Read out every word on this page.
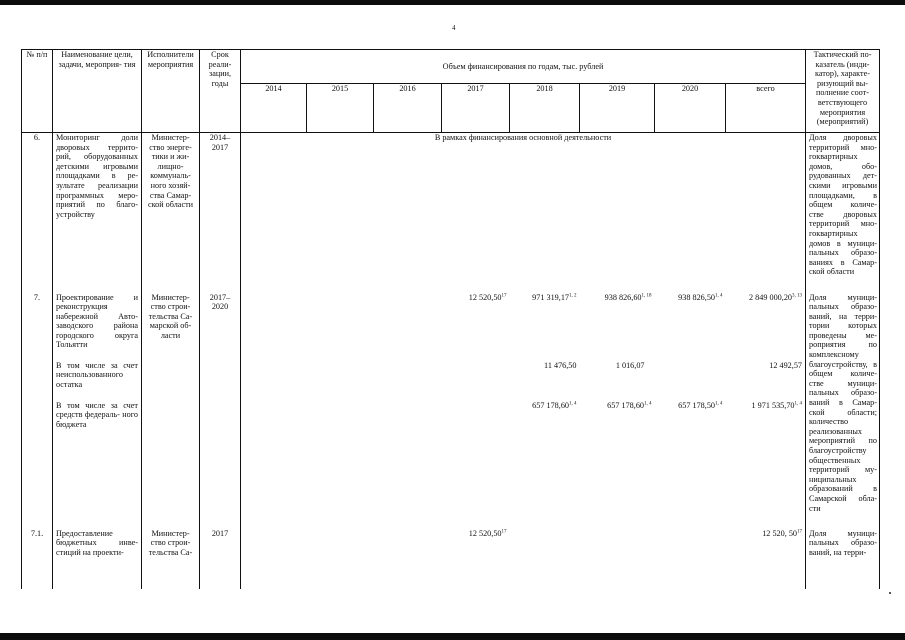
4
№ п/п	Наименование цели, задачи, мероприя- тия	Исполнители мероприятия	Срок реали- зации, годы	Объем финансирования по годам, тыс. рублей								Тактический по- казатель (инди- катор), характе- ризующий вы- полнение соот- ветствующего мероприятия (мероприятий)
				2014	2015	2016	2017	2018	2019	2020	всего	
6.	Мониторинг доли дворовых террито- рий, оборудованных детскими игровыми площадками в ре- зультате реализации программных меро- приятий по благо- устройству	Министер- ство энерге- тики и жи- лищно- коммуналь- ного хозяй- ства Самар- ской области	2014– 2017	В рамках финансирования основной деятельности								Доля дворовых территорий мно- гоквартирных домов, обо- рудованных дет- скими игровыми площадками, в общем количе- стве дворовых территорий мно- гоквартирных домов в муници- пальных образо- ваниях в Самар- ской области
7.	Проектирование и реконструкция набережной Авто- заводского района городского округа Тольятти	Министер- ство строи- тельства Са- марской об- ласти	2017– 2020				12 520,50$^{17}$	971 319,17$^{1, 2}$	938 826,60$^{1, 18}$	938 826,50$^{1, 4}$	2 849 000,20$^{3, 13}$	Доля муници- пальных образо- ваний, на терри- тории которых проведены ме- роприятия по комплексному благоустройству, в общем количе- стве муници- пальных образо- ваний в Самар- ской области; количество реализованных мероприятий по благоустройству общественных территорий му- ниципальных образований в Самарской обла- сти
	В том числе за счет неиспользованного остатка							11 476,50	1 016,07		12 492,57	
	В том числе за счет средств федераль- ного бюджета							657 178,60$^{1, 4}$	657 178,60$^{1, 4}$	657 178,50$^{1, 4}$	1 971 535,70$^{1, 4}$
7.1.	Предоставление бюджетных инве- стиций на проекти-	Министер- ство строи- тельства Са-	2017				12 520,50$^{17}$				12 520, $50^{17}$	Доля муници- пальных образо- ваний, на терри-
